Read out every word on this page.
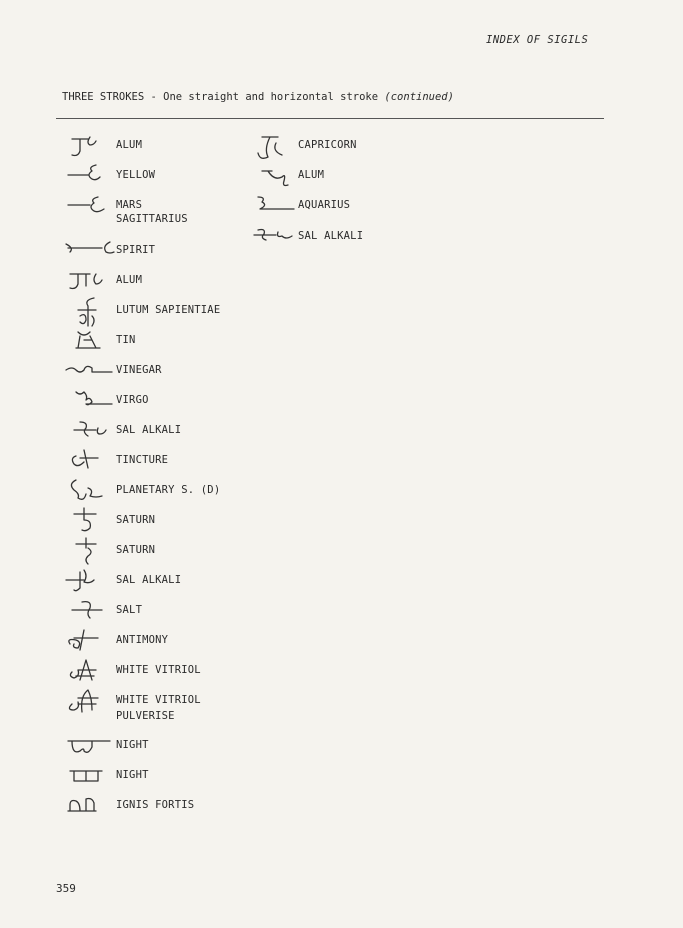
INDEX OF SIGILS
THREE STROKES - One straight and horizontal stroke (continued)
ALUM
YELLOW
MARS
SAGITTARIUS
SPIRIT
ALUM
LUTUM SAPIENTIAE
TIN
VINEGAR
VIRGO
SAL ALKALI
TINCTURE
PLANETARY S. (D)
SATURN
SATURN
SAL ALKALI
SALT
ANTIMONY
WHITE VITRIOL
WHITE VITRIOL
PULVERISE
NIGHT
NIGHT
IGNIS FORTIS
CAPRICORN
ALUM
AQUARIUS
SAL ALKALI
359
